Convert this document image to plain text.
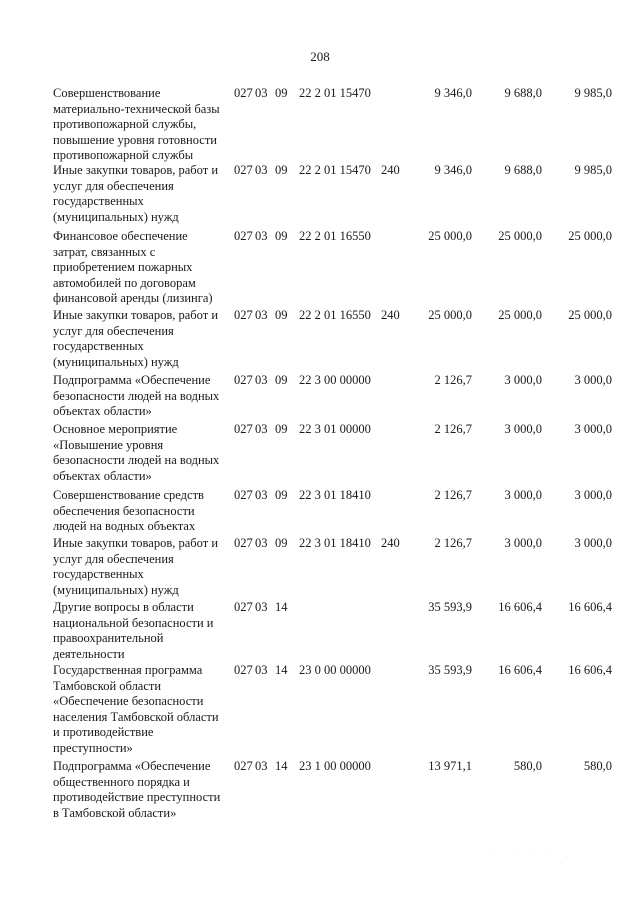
208
Совершенствование
материально-технической базы
противопожарной службы,
повышение уровня готовности
противопожарной службы
027 03 09 22 2 01 15470	9 346,0	9 688,0	9 985,0
Иные закупки товаров, работ и
услуг для обеспечения
государственных
(муниципальных) нужд
027 03 09 22 2 01 15470 240	9 346,0	9 688,0	9 985,0
Финансовое обеспечение
затрат, связанных с
приобретением пожарных
автомобилей по договорам
финансовой аренды (лизинга)
027 03 09 22 2 01 16550	25 000,0 25 000,0 25 000,0
Иные закупки товаров, работ и
услуг для обеспечения
государственных
(муниципальных) нужд
027 03 09 22 2 01 16550 240 25 000,0 25 000,0 25 000,0
Подпрограмма «Обеспечение
безопасности людей на водных
объектах области»
027 03 09 22 3 00 00000	2 126,7	3 000,0	3 000,0
Основное мероприятие
«Повышение уровня
безопасности людей на водных
объектах области»
027 03 09 22 3 01 00000	2 126,7	3 000,0	3 000,0
Совершенствование средств
обеспечения безопасности
людей на водных объектах
027 03 09 22 3 01 18410	2 126,7	3 000,0	3 000,0
Иные закупки товаров, работ и
услуг для обеспечения
государственных
(муниципальных) нужд
027 03 09 22 3 01 18410 240	2 126,7	3 000,0	3 000,0
Другие вопросы в области
национальной безопасности и
правоохранительной
деятельности
027 03 14	35 593,9 16 606,4 16 606,4
Государственная программа
Тамбовской области
«Обеспечение безопасности
населения Тамбовской области
и противодействие
преступности»
027 03 14 23 0 00 00000	35 593,9 16 606,4 16 606,4
Подпрограмма «Обеспечение
общественного порядка и
противодействие преступности
в Тамбовской области»
027 03 14 23 1 00 00000	13 971,1	580,0	580,0
·	·
·
·	·
